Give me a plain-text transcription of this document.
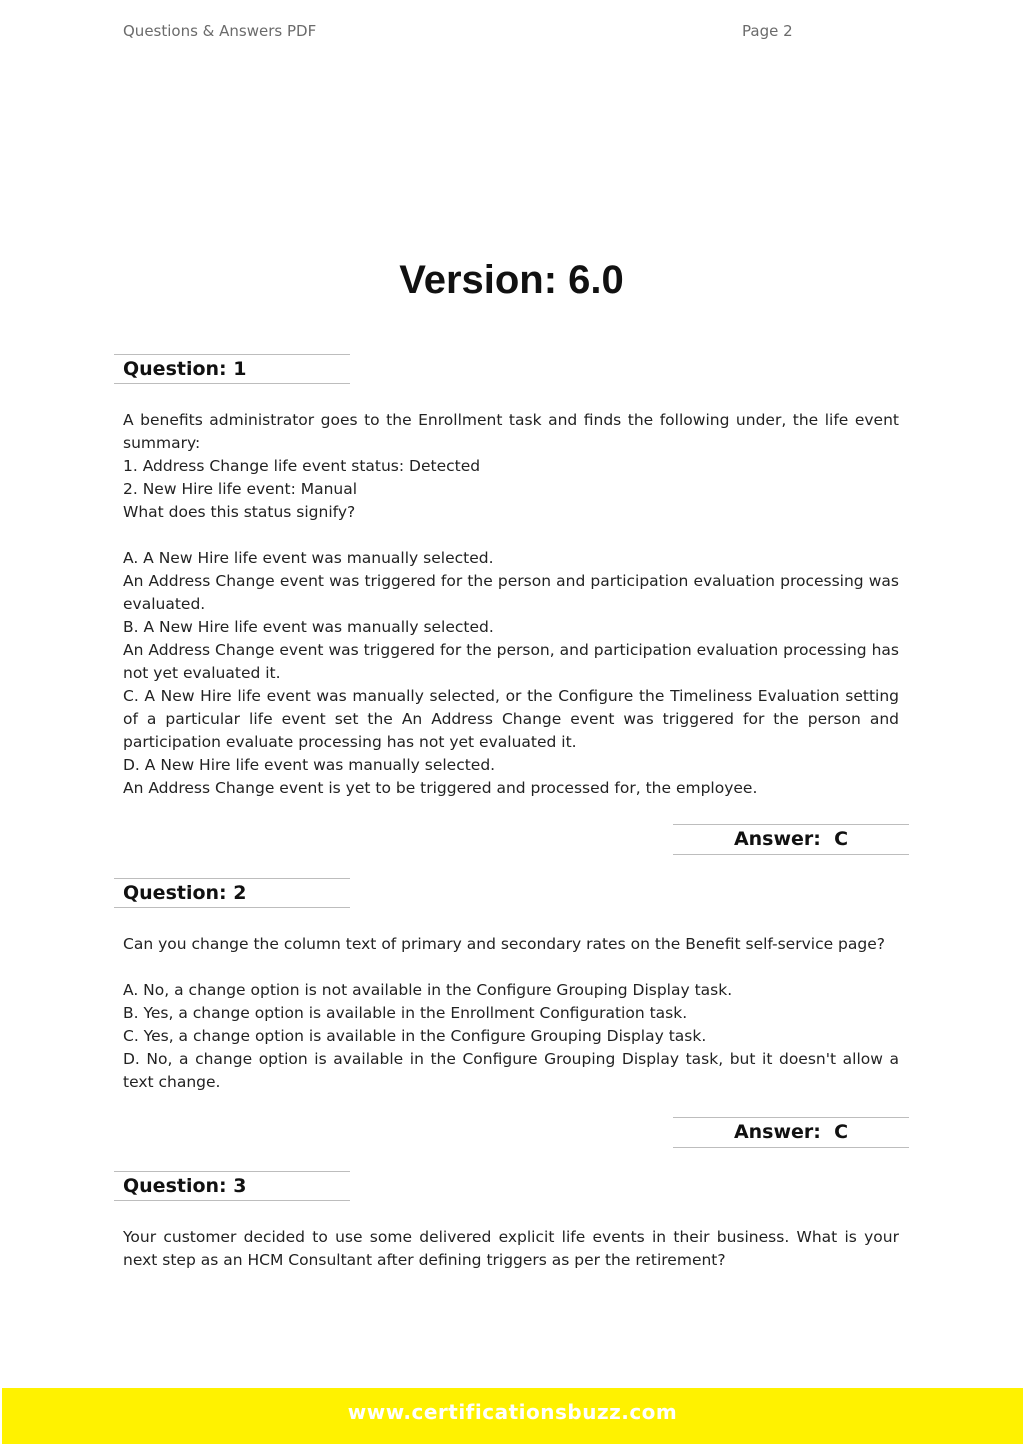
Questions & Answers PDF	Page 2
Version: 6.0
Question: 1
A benefits administrator goes to the Enrollment task and finds the following under, the life event summary:
1. Address Change life event status: Detected
2. New Hire life event: Manual
What does this status signify?
A. A New Hire life event was manually selected.
An Address Change event was triggered for the person and participation evaluation processing was evaluated.
B. A New Hire life event was manually selected.
An Address Change event was triggered for the person, and participation evaluation processing has not yet evaluated it.
C. A New Hire life event was manually selected, or the Configure the Timeliness Evaluation setting of a particular life event set the An Address Change event was triggered for the person and participation evaluate processing has not yet evaluated it.
D. A New Hire life event was manually selected.
An Address Change event is yet to be triggered and processed for, the employee.
Answer:  C
Question: 2
Can you change the column text of primary and secondary rates on the Benefit self-service page?
A. No, a change option is not available in the Configure Grouping Display task.
B. Yes, a change option is available in the Enrollment Configuration task.
C. Yes, a change option is available in the Configure Grouping Display task.
D. No, a change option is available in the Configure Grouping Display task, but it doesn't allow a text change.
Answer:  C
Question: 3
Your customer decided to use some delivered explicit life events in their business. What is your next step as an HCM Consultant after defining triggers as per the retirement?
www.certificationsbuzz.com
